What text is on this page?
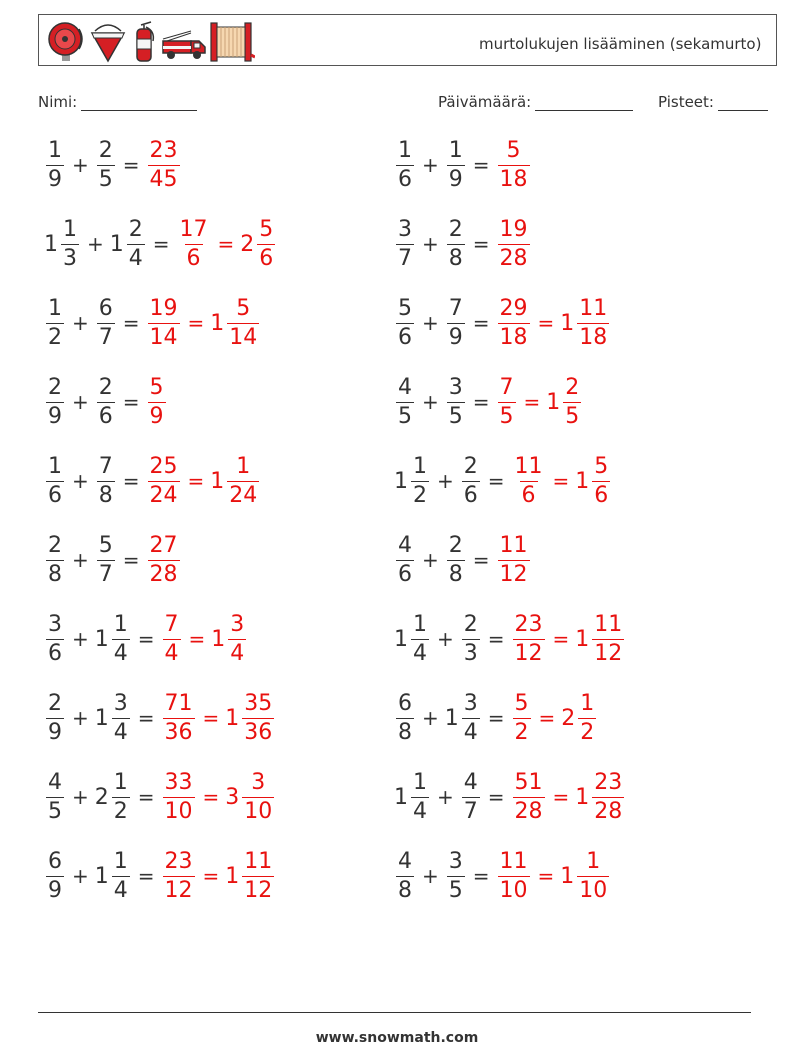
murtolukujen lisääminen (sekamurto)
Nimi:	Päivämäärä:	Pisteet:
$\frac{1}{9} + \frac{2}{5} = \frac{23}{45}$
$1 \frac{1}{3} + 1 \frac{2}{4} = \frac{17}{6} = 2 \frac{5}{6}$
$\frac{1}{2} + \frac{6}{7} = \frac{19}{14} = 1 \frac{5}{14}$
$\frac{2}{9} + \frac{2}{6} = \frac{5}{9}$
$\frac{1}{6} + \frac{7}{8} = \frac{25}{24} = 1 \frac{1}{24}$
$\frac{2}{8} + \frac{5}{7} = \frac{27}{28}$
$\frac{3}{6} + 1 \frac{1}{4} = \frac{7}{4} = 1 \frac{3}{4}$
$\frac{2}{9} + 1 \frac{3}{4} = \frac{71}{36} = 1 \frac{35}{36}$
$\frac{4}{5} + 2 \frac{1}{2} = \frac{33}{10} = 3 \frac{3}{10}$
$\frac{6}{9} + 1 \frac{1}{4} = \frac{23}{12} = 1 \frac{11}{12}$
$\frac{1}{6} + \frac{1}{9} = \frac{5}{18}$
$\frac{3}{7} + \frac{2}{8} = \frac{19}{28}$
$\frac{5}{6} + \frac{7}{9} = \frac{29}{18} = 1 \frac{11}{18}$
$\frac{4}{5} + \frac{3}{5} = \frac{7}{5} = 1 \frac{2}{5}$
$1 \frac{1}{2} + \frac{2}{6} = \frac{11}{6} = 1 \frac{5}{6}$
$\frac{4}{6} + \frac{2}{8} = \frac{11}{12}$
$1 \frac{1}{4} + \frac{2}{3} = \frac{23}{12} = 1 \frac{11}{12}$
$\frac{6}{8} + 1 \frac{3}{4} = \frac{5}{2} = 2 \frac{1}{2}$
$1 \frac{1}{4} + \frac{4}{7} = \frac{51}{28} = 1 \frac{23}{28}$
$\frac{4}{8} + \frac{3}{5} = \frac{11}{10} = 1 \frac{1}{10}$
www.snowmath.com
